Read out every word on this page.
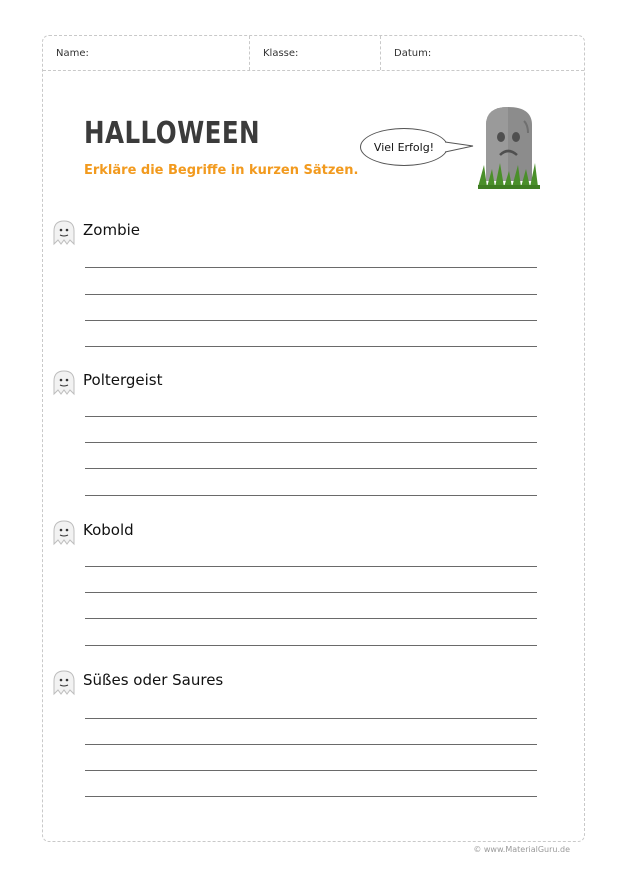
Name:	Klasse:	Datum:
HALLOWEEN
Erkläre die Begriffe in kurzen Sätzen.
Viel Erfolg!
Zombie
Poltergeist
Kobold
Süßes oder Saures
© www.MaterialGuru.de
